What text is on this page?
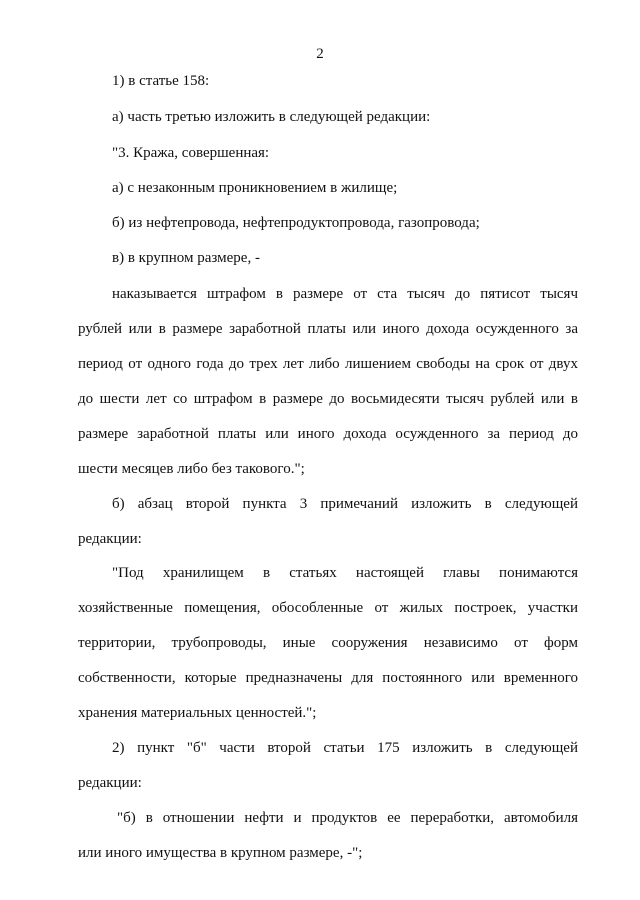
2
1) в статье 158:
а) часть третью изложить в следующей редакции:
"3. Кража, совершенная:
а) с незаконным проникновением в жилище;
б) из нефтепровода, нефтепродуктопровода, газопровода;
в) в крупном размере, -
наказывается штрафом в размере от ста тысяч до пятисот тысяч
рублей или в размере заработной платы или иного дохода осужденного за
период от одного года до трех лет либо лишением свободы на срок от двух
до шести лет со штрафом в размере до восьмидесяти тысяч рублей или в
размере заработной платы или иного дохода осужденного за период до
шести месяцев либо без такового.";
б) абзац второй пункта 3 примечаний изложить в следующей
редакции:
"Под хранилищем в статьях настоящей главы понимаются
хозяйственные помещения, обособленные от жилых построек, участки
территории, трубопроводы, иные сооружения независимо от форм
собственности, которые предназначены для постоянного или временного
хранения материальных ценностей.";
2) пункт "б" части второй статьи 175 изложить в следующей
редакции:
"б) в отношении нефти и продуктов ее переработки, автомобиля
или иного имущества в крупном размере, -";
